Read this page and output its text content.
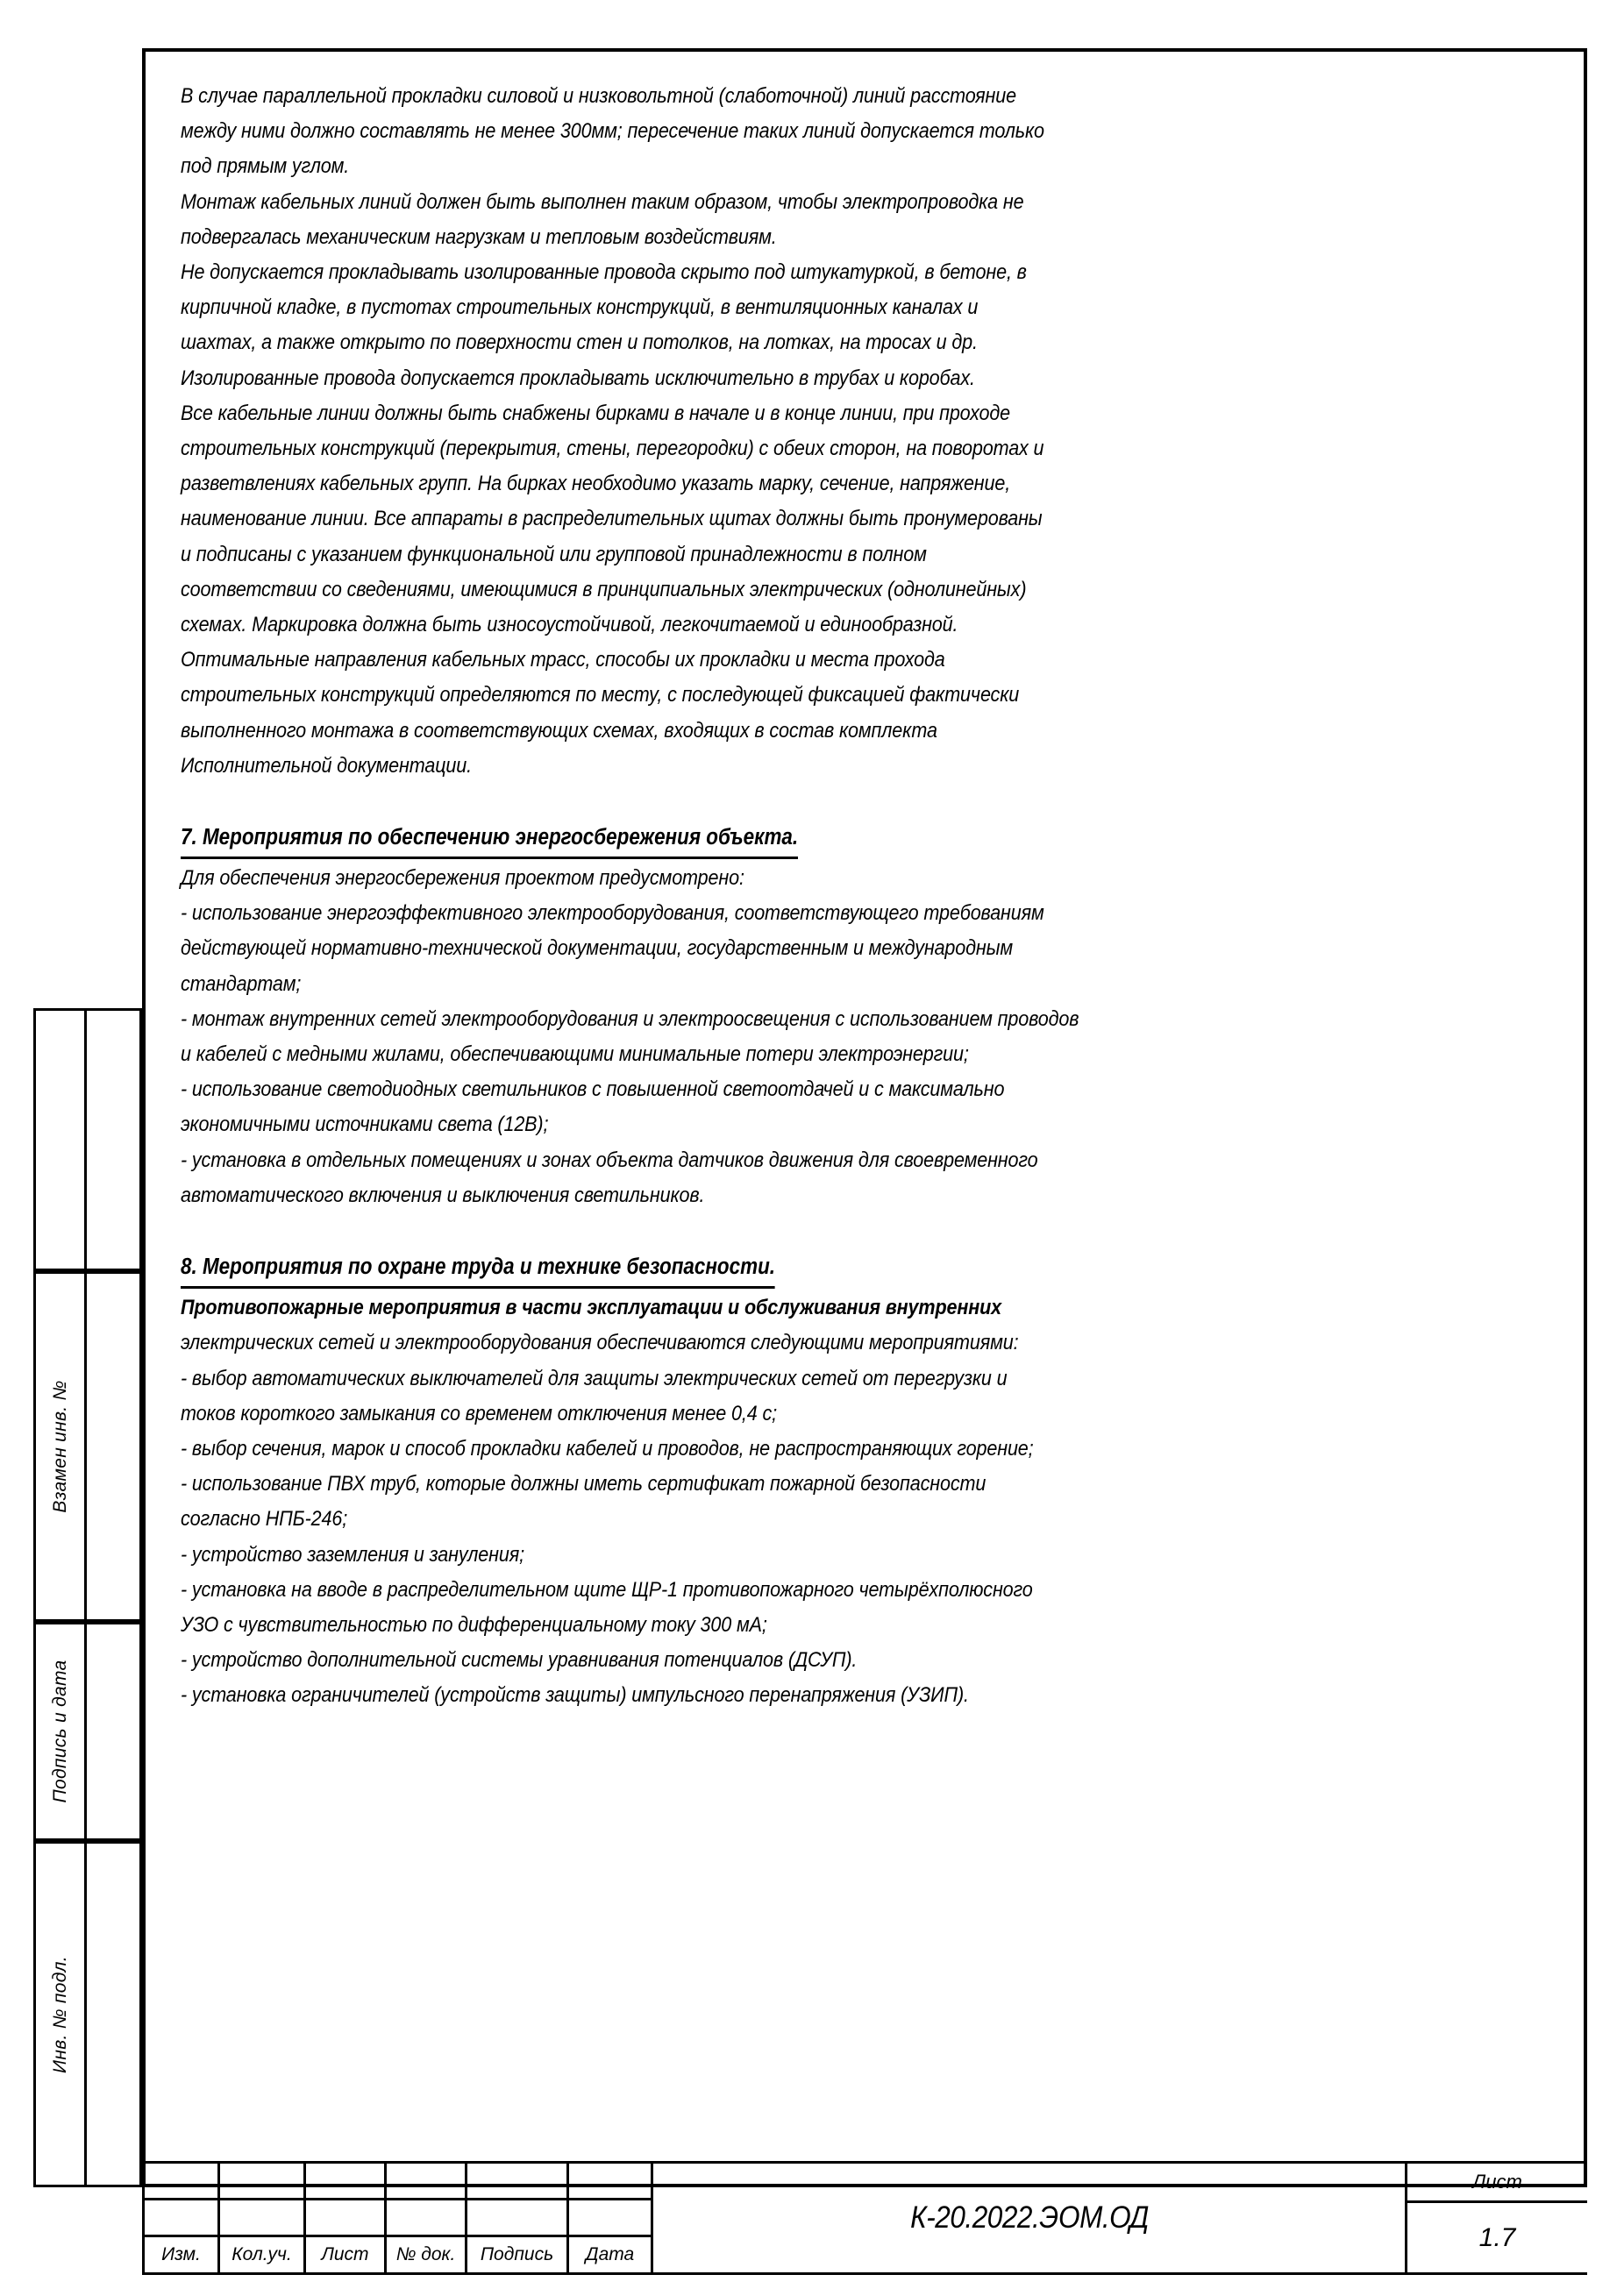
Взамен инв. №
Подпись и дата
Инв. № подл.
В случае параллельной прокладки силовой и низковольтной (слаботочной) линий расстояние
между ними должно составлять не менее 300мм; пересечение таких линий допускается только
под прямым углом.
Монтаж кабельных линий должен быть выполнен таким образом, чтобы электропроводка не
подвергалась механическим нагрузкам и тепловым воздействиям.
Не допускается прокладывать изолированные провода скрыто под штукатуркой, в бетоне, в
кирпичной кладке, в пустотах строительных конструкций, в вентиляционных каналах и
шахтах, а также открыто по поверхности стен и потолков, на лотках, на тросах и др.
Изолированные провода допускается прокладывать исключительно в трубах и коробах.
Все кабельные линии должны быть снабжены бирками в начале и в конце линии, при проходе
строительных конструкций (перекрытия, стены, перегородки) с обеих сторон, на поворотах и
разветвлениях кабельных групп. На бирках необходимо указать марку, сечение, напряжение,
наименование линии. Все аппараты в распределительных щитах должны быть пронумерованы
и подписаны с указанием функциональной или групповой принадлежности в полном
соответствии со сведениями, имеющимися в принципиальных электрических (однолинейных)
схемах. Маркировка должна быть износоустойчивой, легкочитаемой и единообразной.
Оптимальные направления кабельных трасс, способы их прокладки и места прохода
строительных конструкций определяются по месту, с последующей фиксацией фактически
выполненного монтажа в соответствующих схемах, входящих в состав комплекта
Исполнительной документации.
7. Мероприятия по обеспечению энергосбережения объекта.
Для обеспечения энергосбережения проектом предусмотрено:
- использование энергоэффективного электрооборудования, соответствующего требованиям
действующей нормативно-технической документации, государственным и международным
стандартам;
- монтаж внутренних сетей электрооборудования и электроосвещения с использованием проводов
и кабелей с медными жилами, обеспечивающими минимальные потери электроэнергии;
- использование светодиодных светильников с повышенной светоотдачей и с максимально
экономичными источниками света (12В);
- установка в отдельных помещениях и зонах объекта датчиков движения для своевременного
автоматического включения и выключения светильников.
8. Мероприятия по охране труда и технике безопасности.
Противопожарные мероприятия в части эксплуатации и обслуживания внутренних
электрических сетей и электрооборудования обеспечиваются следующими мероприятиями:
- выбор автоматических выключателей для защиты электрических сетей от перегрузки и
токов короткого замыкания со временем отключения менее 0,4 с;
- выбор сечения, марок и способ прокладки кабелей и проводов, не распространяющих горение;
- использование ПВХ труб, которые должны иметь сертификат пожарной безопасности
согласно НПБ-246;
- устройство заземления и зануления;
- установка на вводе в распределительном щите ЩР-1 противопожарного четырёхполюсного
УЗО с чувствительностью по дифференциальному току 300 мА;
- устройство дополнительной системы уравнивания потенциалов (ДСУП).
- установка ограничителей (устройств защиты) импульсного перенапряжения (УЗИП).
Изм.	Кол.уч.	Лист	№ док.	Подпись	Дата
К-20.2022.ЭОМ.ОД
Лист
1.7
